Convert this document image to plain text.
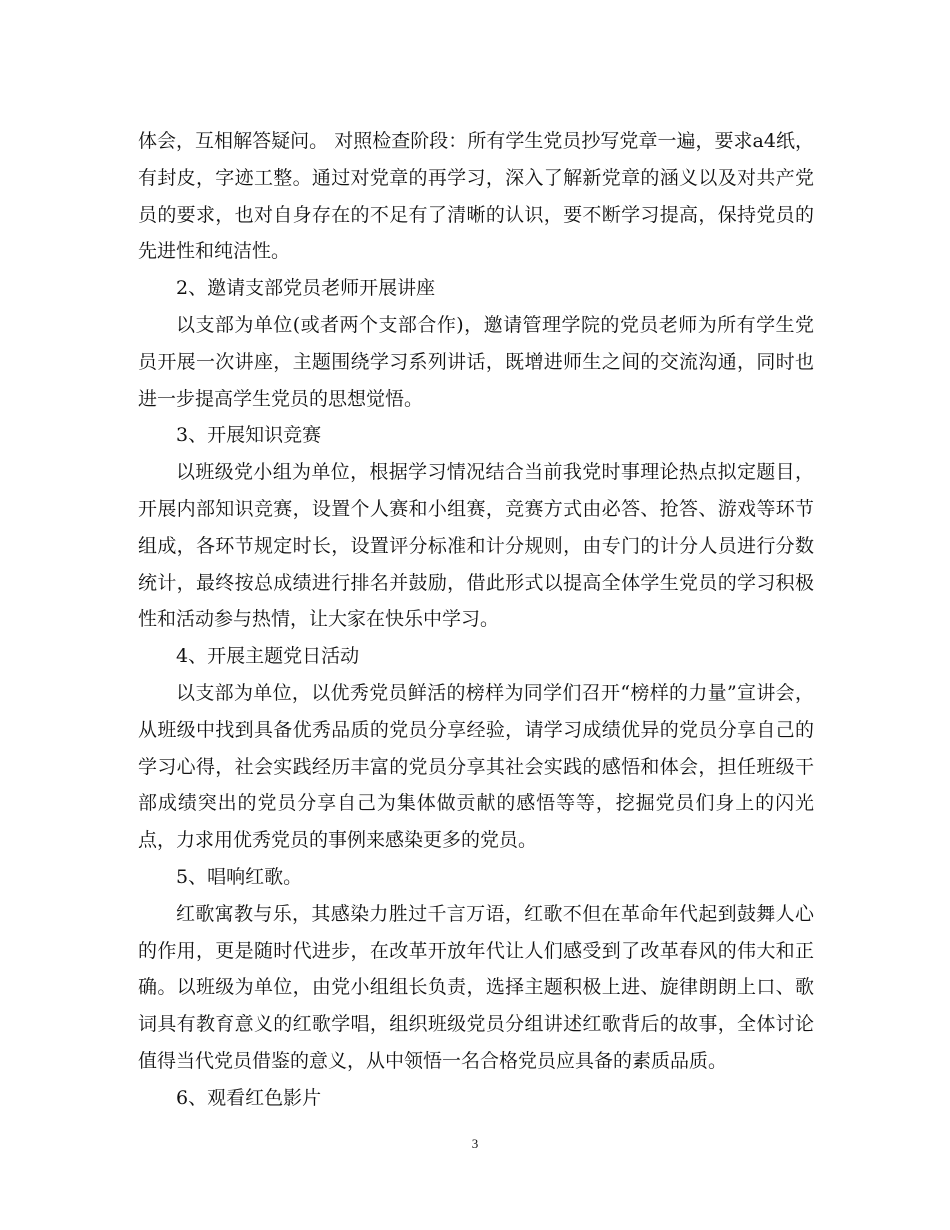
体会，互相解答疑问。 对照检查阶段：所有学生党员抄写党章一遍，要求a4纸，有封皮，字迹工整。通过对党章的再学习，深入了解新党章的涵义以及对共产党员的要求，也对自身存在的不足有了清晰的认识，要不断学习提高，保持党员的先进性和纯洁性。

2、邀请支部党员老师开展讲座

以支部为单位(或者两个支部合作)，邀请管理学院的党员老师为所有学生党员开展一次讲座，主题围绕学习系列讲话，既增进师生之间的交流沟通，同时也进一步提高学生党员的思想觉悟。

3、开展知识竞赛

以班级党小组为单位，根据学习情况结合当前我党时事理论热点拟定题目，开展内部知识竞赛，设置个人赛和小组赛，竞赛方式由必答、抢答、游戏等环节组成，各环节规定时长，设置评分标准和计分规则，由专门的计分人员进行分数统计，最终按总成绩进行排名并鼓励，借此形式以提高全体学生党员的学习积极性和活动参与热情，让大家在快乐中学习。

4、开展主题党日活动

以支部为单位，以优秀党员鲜活的榜样为同学们召开“榜样的力量”宣讲会，从班级中找到具备优秀品质的党员分享经验，请学习成绩优异的党员分享自己的学习心得，社会实践经历丰富的党员分享其社会实践的感悟和体会，担任班级干部成绩突出的党员分享自己为集体做贡献的感悟等等，挖掘党员们身上的闪光点，力求用优秀党员的事例来感染更多的党员。

5、唱响红歌。

红歌寓教与乐，其感染力胜过千言万语，红歌不但在革命年代起到鼓舞人心的作用，更是随时代进步，在改革开放年代让人们感受到了改革春风的伟大和正确。以班级为单位，由党小组组长负责，选择主题积极上进、旋律朗朗上口、歌词具有教育意义的红歌学唱，组织班级党员分组讲述红歌背后的故事，全体讨论值得当代党员借鉴的意义，从中领悟一名合格党员应具备的素质品质。

6、观看红色影片

3
